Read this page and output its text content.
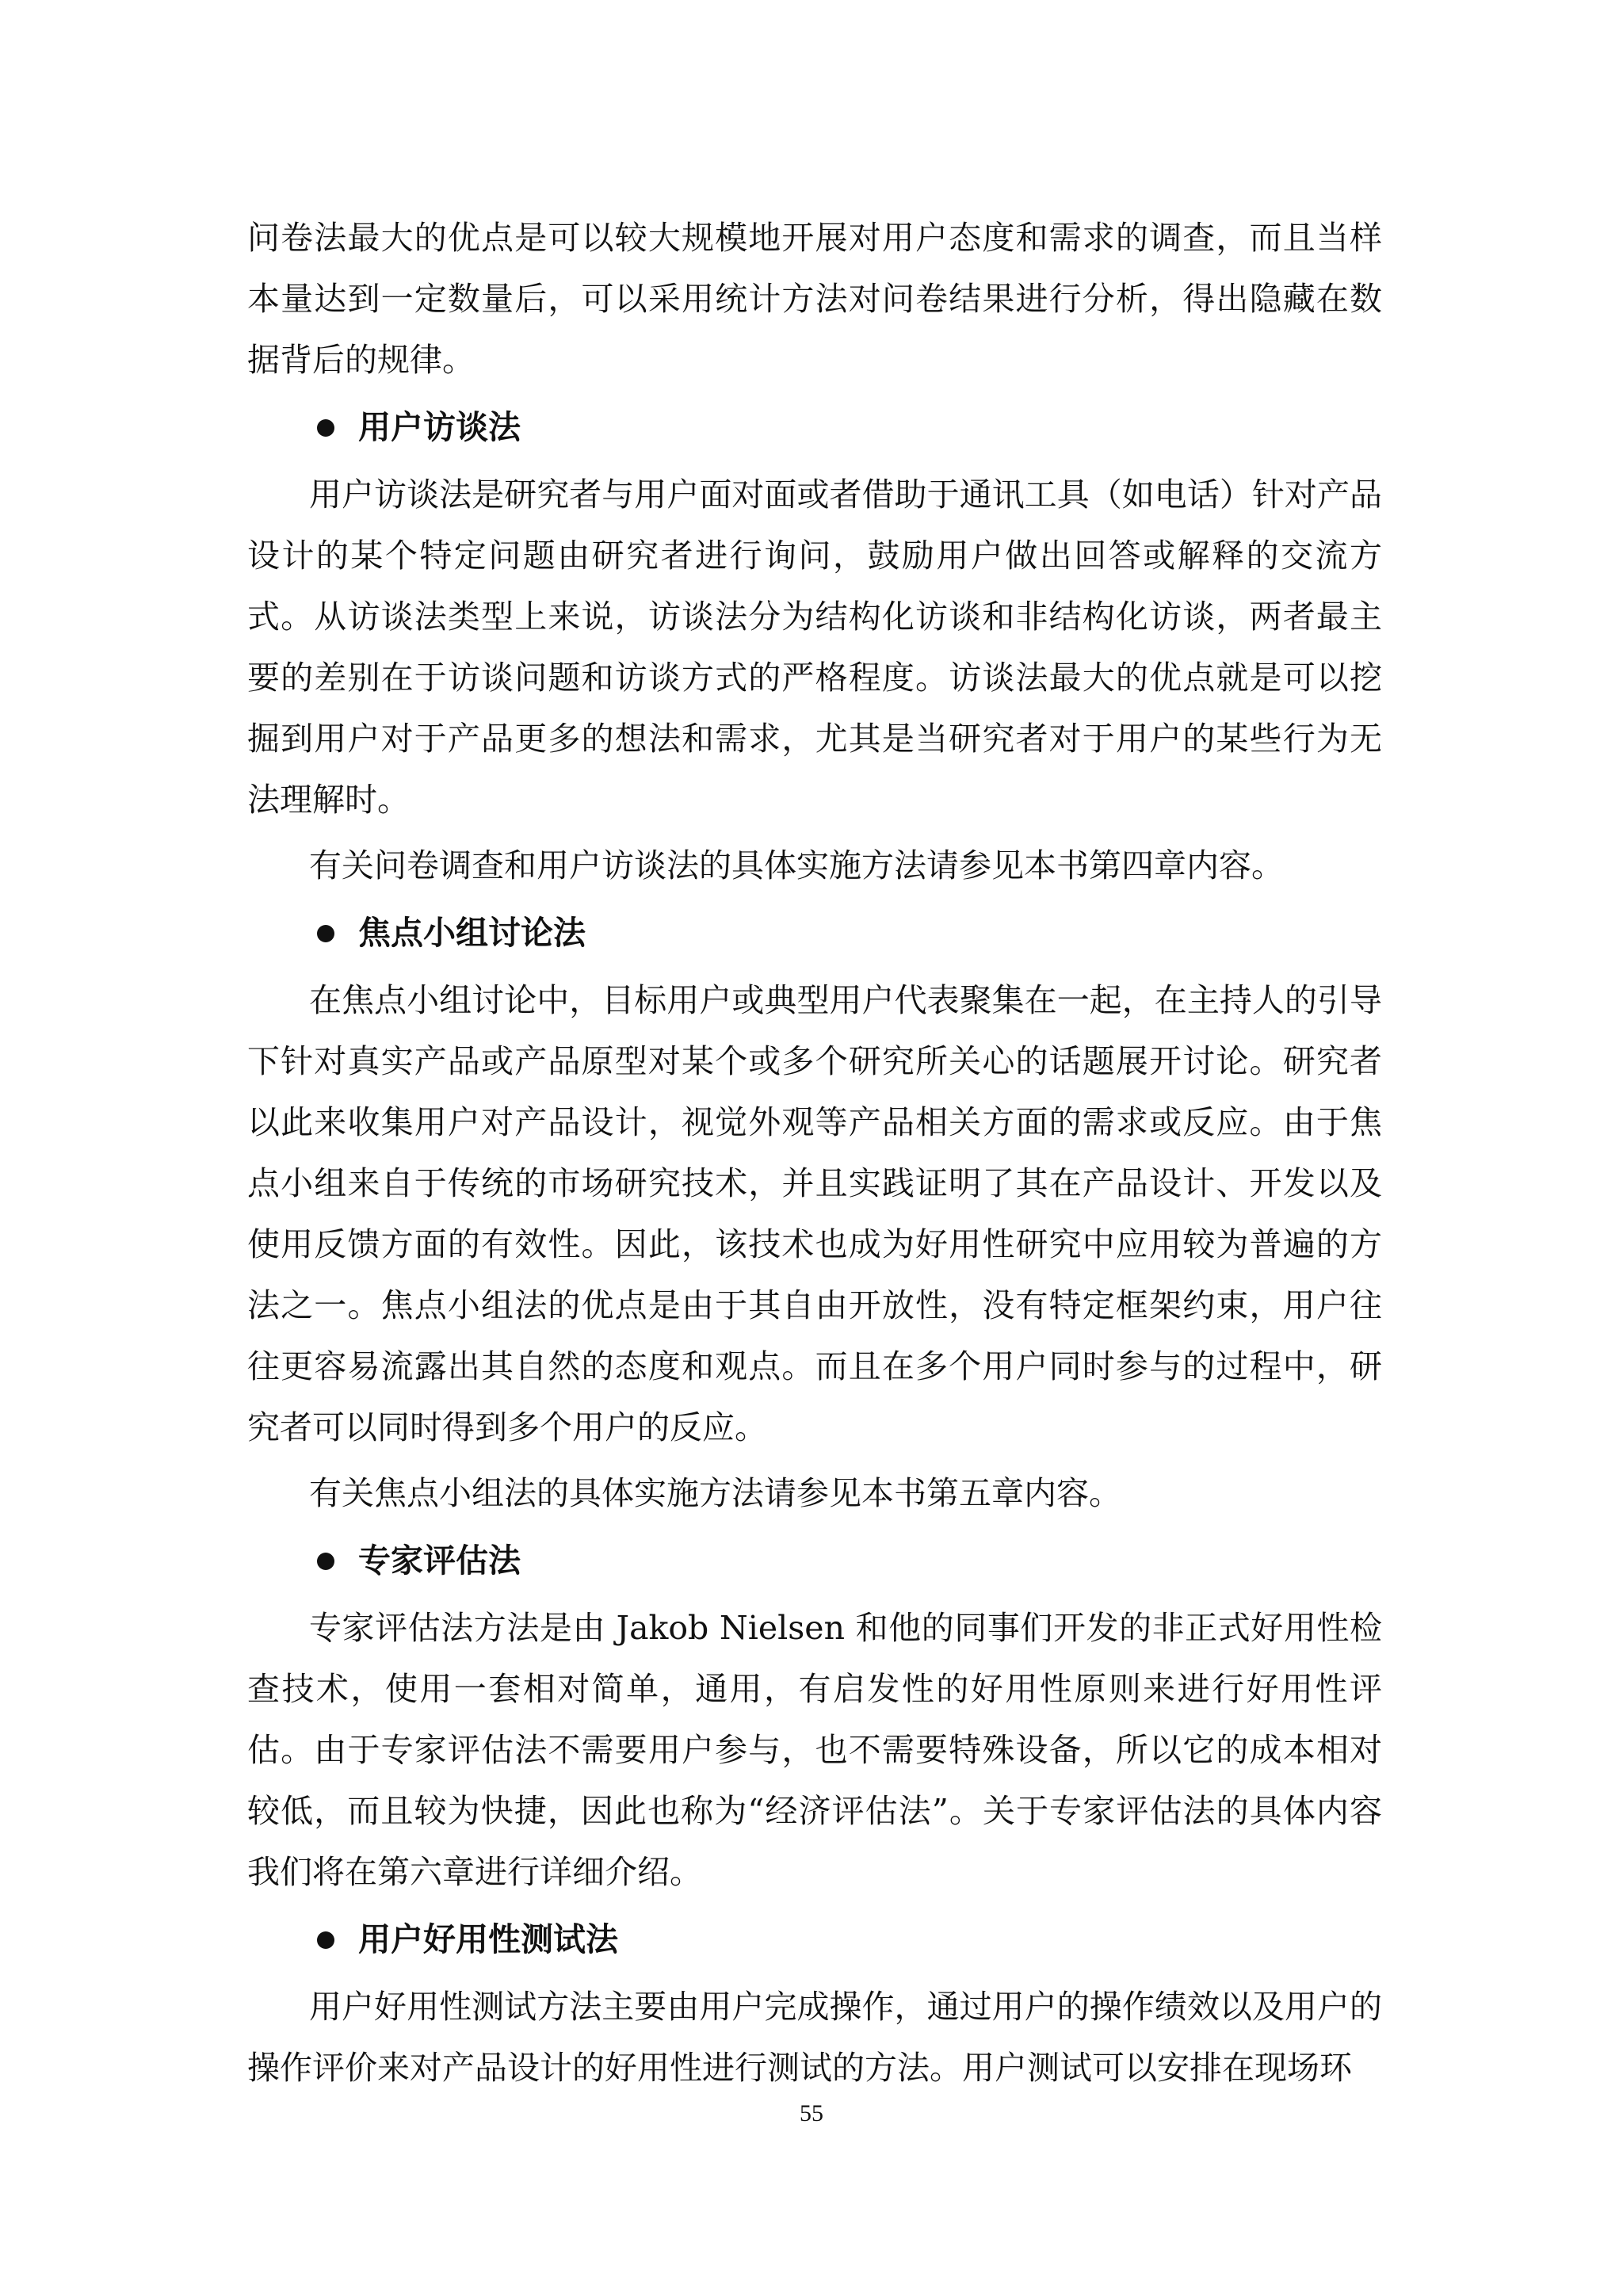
问卷法最大的优点是可以较大规模地开展对用户态度和需求的调查，而且当样本量达到一定数量后，可以采用统计方法对问卷结果进行分析，得出隐藏在数据背后的规律。

用户访谈法

用户访谈法是研究者与用户面对面或者借助于通讯工具（如电话）针对产品设计的某个特定问题由研究者进行询问，鼓励用户做出回答或解释的交流方式。从访谈法类型上来说，访谈法分为结构化访谈和非结构化访谈，两者最主要的差别在于访谈问题和访谈方式的严格程度。访谈法最大的优点就是可以挖掘到用户对于产品更多的想法和需求，尤其是当研究者对于用户的某些行为无法理解时。

有关问卷调查和用户访谈法的具体实施方法请参见本书第四章内容。

焦点小组讨论法

在焦点小组讨论中，目标用户或典型用户代表聚集在一起，在主持人的引导下针对真实产品或产品原型对某个或多个研究所关心的话题展开讨论。研究者以此来收集用户对产品设计，视觉外观等产品相关方面的需求或反应。由于焦点小组来自于传统的市场研究技术，并且实践证明了其在产品设计、开发以及使用反馈方面的有效性。因此，该技术也成为好用性研究中应用较为普遍的方法之一。焦点小组法的优点是由于其自由开放性，没有特定框架约束，用户往往更容易流露出其自然的态度和观点。而且在多个用户同时参与的过程中，研究者可以同时得到多个用户的反应。

有关焦点小组法的具体实施方法请参见本书第五章内容。

专家评估法

专家评估法方法是由 Jakob Nielsen 和他的同事们开发的非正式好用性检查技术，使用一套相对简单，通用，有启发性的好用性原则来进行好用性评估。由于专家评估法不需要用户参与，也不需要特殊设备，所以它的成本相对较低，而且较为快捷，因此也称为“经济评估法”。关于专家评估法的具体内容我们将在第六章进行详细介绍。

用户好用性测试法

用户好用性测试方法主要由用户完成操作，通过用户的操作绩效以及用户的操作评价来对产品设计的好用性进行测试的方法。用户测试可以安排在现场环

55
